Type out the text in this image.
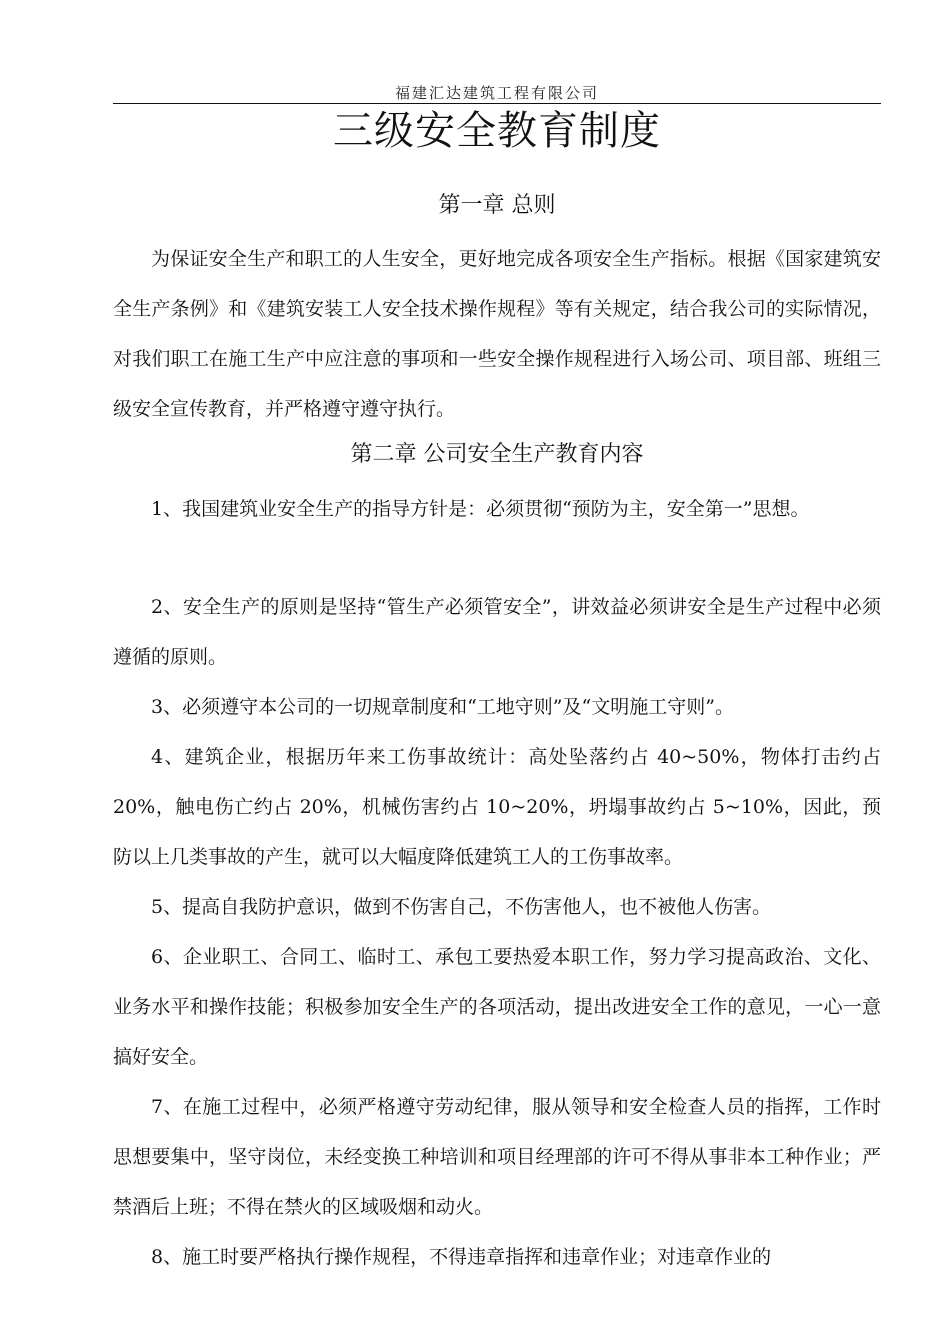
福建汇达建筑工程有限公司
三级安全教育制度
第一章 总则

为保证安全生产和职工的人生安全，更好地完成各项安全生产指标。根据《国家建筑安全生产条例》和《建筑安装工人安全技术操作规程》等有关规定，结合我公司的实际情况，对我们职工在施工生产中应注意的事项和一些安全操作规程进行入场公司、项目部、班组三级安全宣传教育，并严格遵守遵守执行。

第二章 公司安全生产教育内容

1、我国建筑业安全生产的指导方针是：必须贯彻“预防为主，安全第一”思想。

2、安全生产的原则是坚持“管生产必须管安全”，讲效益必须讲安全是生产过程中必须遵循的原则。

3、必须遵守本公司的一切规章制度和“工地守则”及“文明施工守则”。

4、建筑企业，根据历年来工伤事故统计：高处坠落约占 40~50%，物体打击约占 20%，触电伤亡约占 20%，机械伤害约占 10~20%，坍塌事故约占 5~10%，因此，预防以上几类事故的产生，就可以大幅度降低建筑工人的工伤事故率。

5、提高自我防护意识，做到不伤害自己，不伤害他人，也不被他人伤害。

6、企业职工、合同工、临时工、承包工要热爱本职工作，努力学习提高政治、文化、业务水平和操作技能；积极参加安全生产的各项活动，提出改进安全工作的意见，一心一意搞好安全。

7、在施工过程中，必须严格遵守劳动纪律，服从领导和安全检查人员的指挥，工作时思想要集中，坚守岗位，未经变换工种培训和项目经理部的许可不得从事非本工种作业；严禁酒后上班；不得在禁火的区域吸烟和动火。

8、施工时要严格执行操作规程，不得违章指挥和违章作业；对违章作业的
